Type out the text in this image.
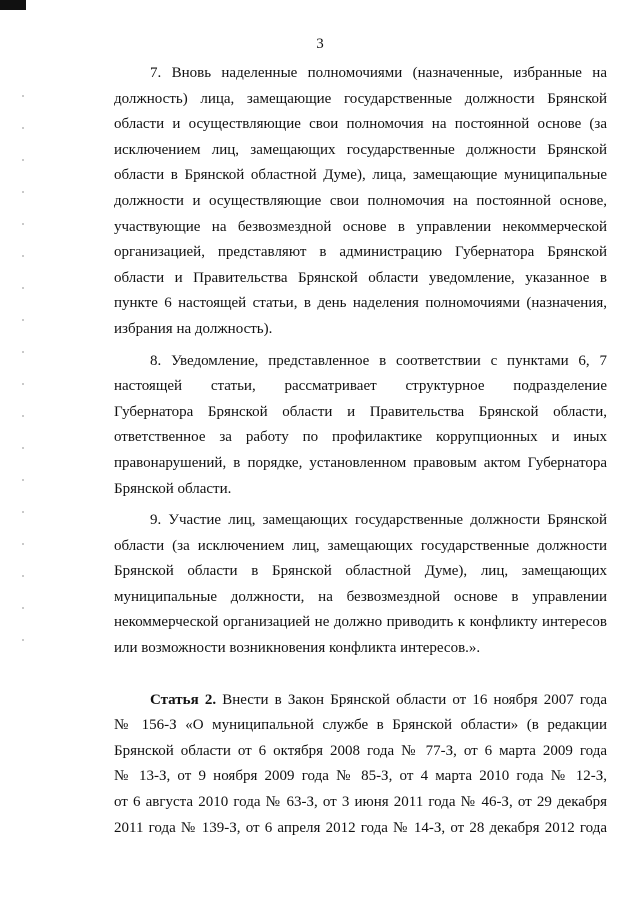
3
7. Вновь наделенные полномочиями (назначенные, избранные на
должность) лица, замещающие государственные должности Брянской
области и осуществляющие свои полномочия на постоянной основе (за
исключением лиц, замещающих государственные должности Брянской
области в Брянской областной Думе), лица, замещающие муниципальные
должности и осуществляющие свои полномочия на постоянной основе,
участвующие на безвозмездной основе в управлении некоммерческой
организацией, представляют в администрацию Губернатора Брянской
области и Правительства Брянской области уведомление, указанное в
пункте 6 настоящей статьи, в день наделения полномочиями (назначения,
избрания на должность).
8. Уведомление, представленное в соответствии с пунктами 6, 7
настоящей статьи, рассматривает структурное подразделение
Губернатора Брянской области и Правительства Брянской области,
ответственное за работу по профилактике коррупционных и иных
правонарушений, в порядке, установленном правовым актом Губернатора
Брянской области.
9. Участие лиц, замещающих государственные должности Брянской
области (за исключением лиц, замещающих государственные должности
Брянской области в Брянской областной Думе), лиц, замещающих
муниципальные должности, на безвозмездной основе в управлении
некоммерческой организацией не должно приводить к конфликту интересов
или возможности возникновения конфликта интересов.».
Статья 2. Внести в Закон Брянской области от 16 ноября 2007 года
№ 156-З «О муниципальной службе в Брянской области» (в редакции
Брянской области от 6 октября 2008 года № 77-З, от 6 марта 2009 года
№ 13-З, от 9 ноября 2009 года № 85-З, от 4 марта 2010 года № 12-З,
от 6 августа 2010 года № 63-З, от 3 июня 2011 года № 46-З, от 29 декабря
2011 года № 139-З, от 6 апреля 2012 года № 14-З, от 28 декабря 2012 года
